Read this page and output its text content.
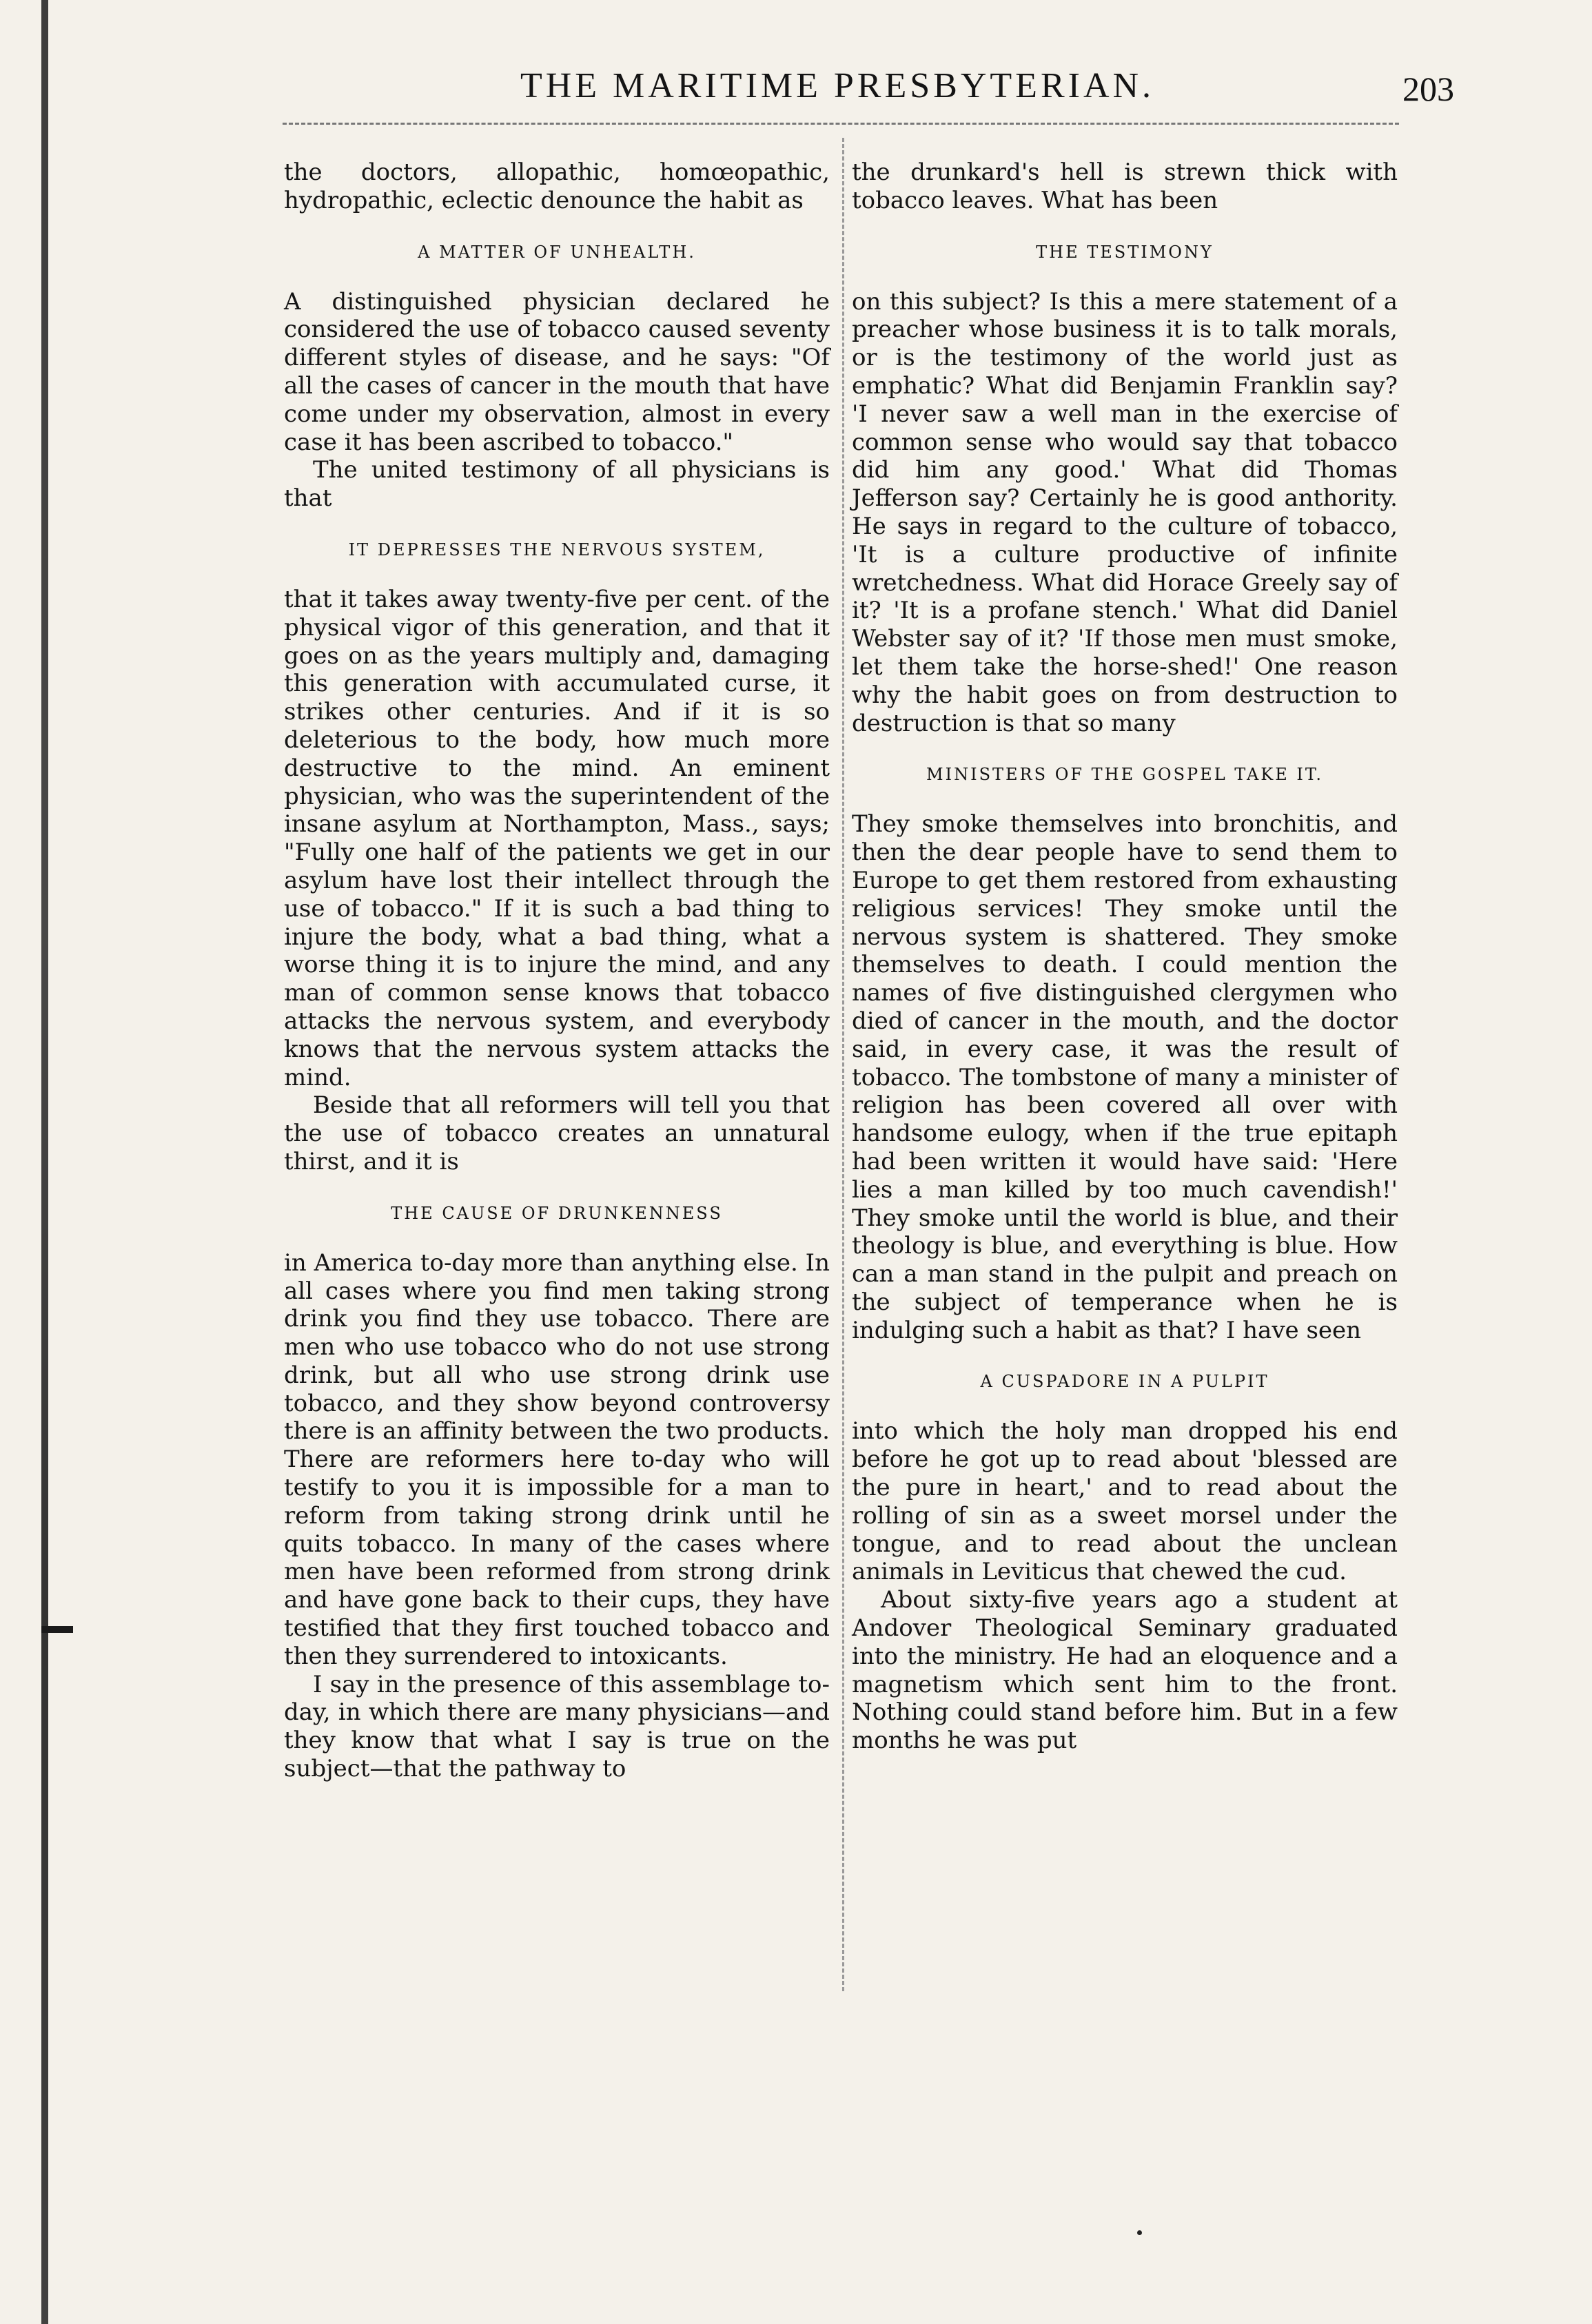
THE MARITIME PRESBYTERIAN.	203

the doctors, allopathic, homœopathic, hydropathic, eclectic denounce the habit as

A MATTER OF UNHEALTH.

A distinguished physician declared he considered the use of tobacco caused seventy different styles of disease, and he says: "Of all the cases of cancer in the mouth that have come under my observation, almost in every case it has been ascribed to tobacco."

The united testimony of all physicians is that

IT DEPRESSES THE NERVOUS SYSTEM,

that it takes away twenty-five per cent. of the physical vigor of this generation, and that it goes on as the years multiply and, damaging this generation with accumulated curse, it strikes other centuries. And if it is so deleterious to the body, how much more destructive to the mind. An eminent physician, who was the superintendent of the insane asylum at Northampton, Mass., says; "Fully one half of the patients we get in our asylum have lost their intellect through the use of tobacco." If it is such a bad thing to injure the body, what a bad thing, what a worse thing it is to injure the mind, and any man of common sense knows that tobacco attacks the nervous system, and everybody knows that the nervous system attacks the mind.

Beside that all reformers will tell you that the use of tobacco creates an unnatural thirst, and it is

THE CAUSE OF DRUNKENNESS

in America to-day more than anything else. In all cases where you find men taking strong drink you find they use tobacco. There are men who use tobacco who do not use strong drink, but all who use strong drink use tobacco, and they show beyond controversy there is an affinity between the two products. There are reformers here to-day who will testify to you it is impossible for a man to reform from taking strong drink until he quits tobacco. In many of the cases where men have been reformed from strong drink and have gone back to their cups, they have testified that they first touched tobacco and then they surrendered to intoxicants.

I say in the presence of this assemblage to-day, in which there are many physicians—and they know that what I say is true on the subject—that the pathway to

the drunkard's hell is strewn thick with tobacco leaves. What has been

THE TESTIMONY

on this subject? Is this a mere statement of a preacher whose business it is to talk morals, or is the testimony of the world just as emphatic? What did Benjamin Franklin say? 'I never saw a well man in the exercise of common sense who would say that tobacco did him any good.' What did Thomas Jefferson say? Certainly he is good anthority. He says in regard to the culture of tobacco, 'It is a culture productive of infinite wretchedness. What did Horace Greely say of it? 'It is a profane stench.' What did Daniel Webster say of it? 'If those men must smoke, let them take the horse-shed!' One reason why the habit goes on from destruction to destruction is that so many

MINISTERS OF THE GOSPEL TAKE IT.

They smoke themselves into bronchitis, and then the dear people have to send them to Europe to get them restored from exhausting religious services! They smoke until the nervous system is shattered. They smoke themselves to death. I could mention the names of five distinguished clergymen who died of cancer in the mouth, and the doctor said, in every case, it was the result of tobacco. The tombstone of many a minister of religion has been covered all over with handsome eulogy, when if the true epitaph had been written it would have said: 'Here lies a man killed by too much cavendish!' They smoke until the world is blue, and their theology is blue, and everything is blue. How can a man stand in the pulpit and preach on the subject of temperance when he is indulging such a habit as that? I have seen

A CUSPADORE IN A PULPIT

into which the holy man dropped his end before he got up to read about 'blessed are the pure in heart,' and to read about the rolling of sin as a sweet morsel under the tongue, and to read about the unclean animals in Leviticus that chewed the cud.

About sixty-five years ago a student at Andover Theological Seminary graduated into the ministry. He had an eloquence and a magnetism which sent him to the front. Nothing could stand before him. But in a few months he was put
